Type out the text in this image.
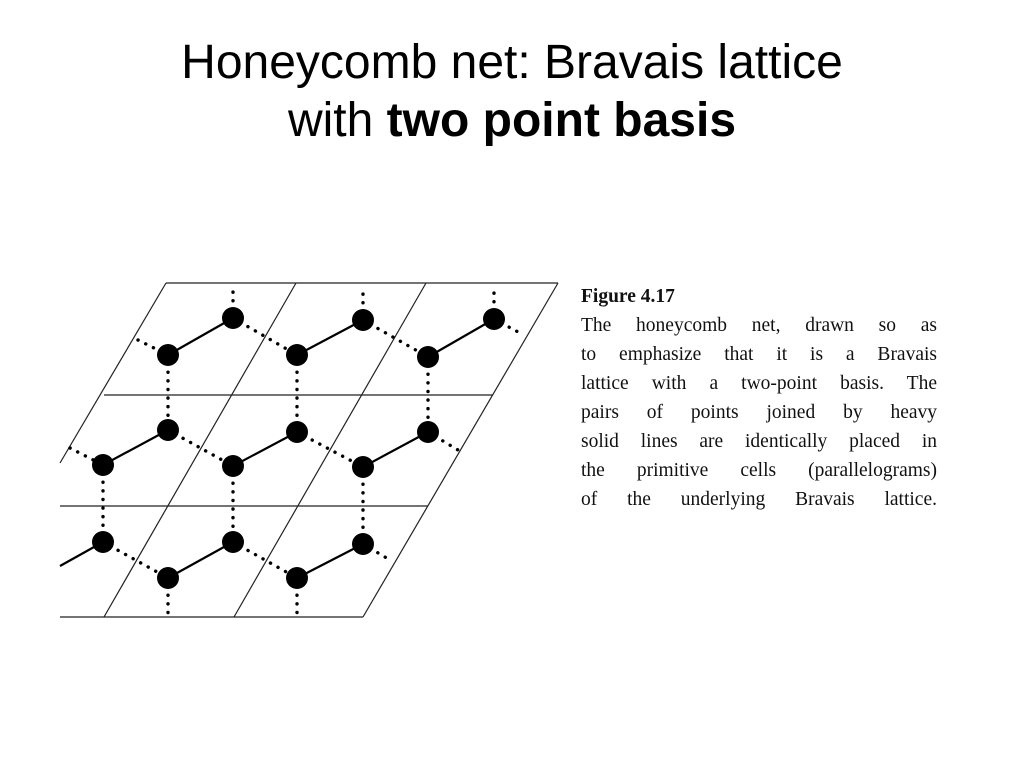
Honeycomb net: Bravais lattice
with two point basis
Figure 4.17
The honeycomb net, drawn so as
to emphasize that it is a Bravais
lattice with a two-point basis. The
pairs of points joined by heavy
solid lines are identically placed in
the primitive cells (parallelograms)
of the underlying Bravais lattice.
